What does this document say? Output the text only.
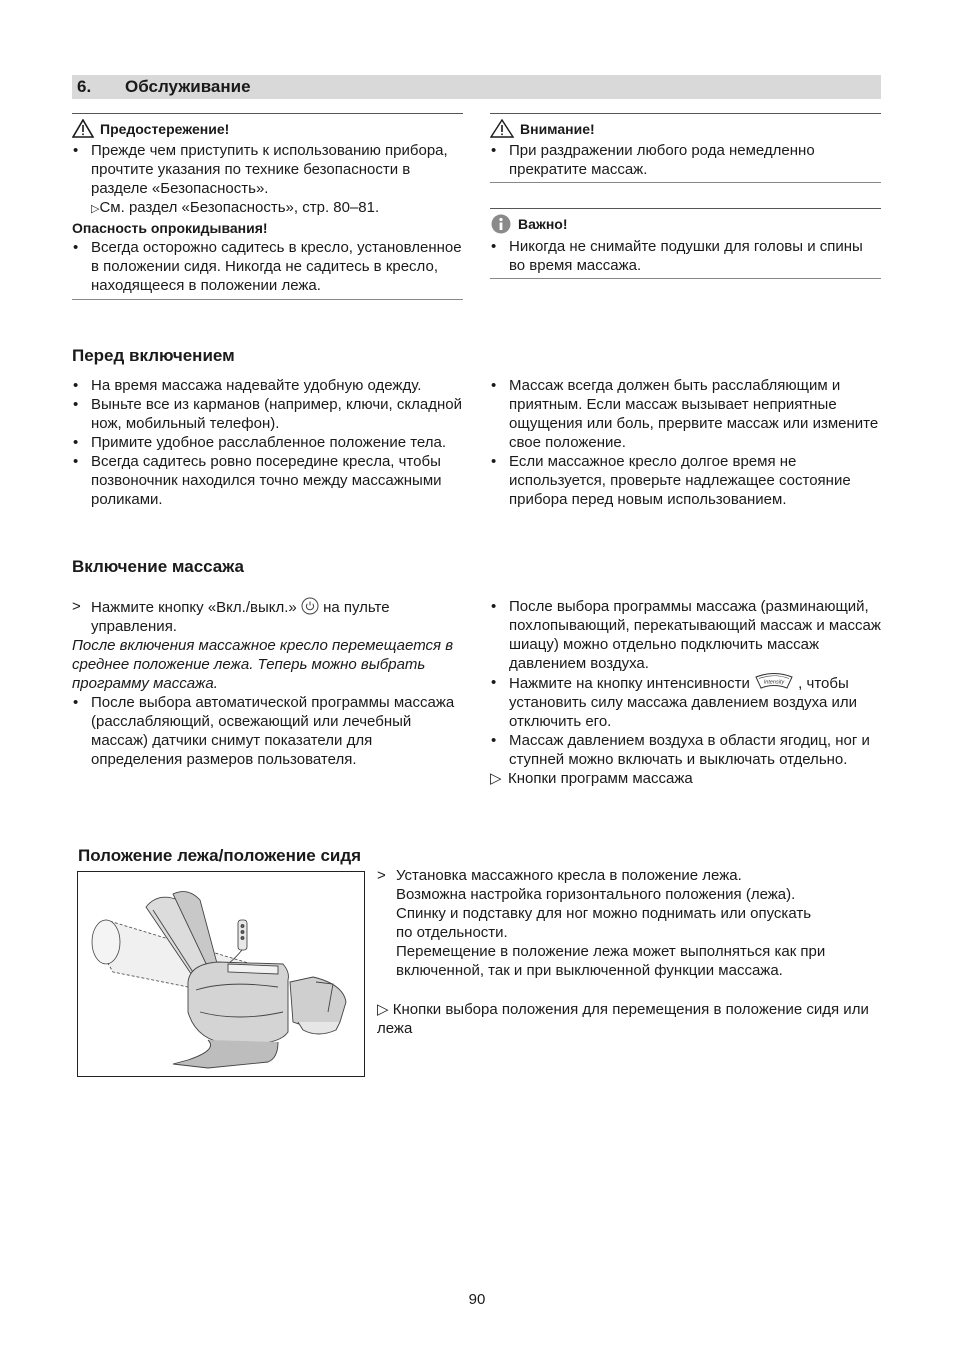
6. Обслуживание
Предостережение!
• Прежде чем приступить к использованию прибора, прочтите указания по технике безопасности в разделе «Безопасность».
▷См. раздел «Безопасность», стр. 80–81.
Опасность опрокидывания!
• Всегда осторожно садитесь в кресло, установленное в положении сидя. Никогда не садитесь в кресло, находящееся в положении лежа.
Внимание!
• При раздражении любого рода немедленно прекратите массаж.
Важно!
• Никогда не снимайте подушки для головы и спины во время массажа.
Перед включением
• На время массажа надевайте удобную одежду.
• Выньте все из карманов (например, ключи, складной нож, мобильный телефон).
• Примите удобное расслабленное положение тела.
• Всегда садитесь ровно посередине кресла, чтобы позвоночник находился точно между массажными роликами.
• Массаж всегда должен быть расслабляющим и приятным. Если массаж вызывает неприятные ощущения или боль, прервите массаж или измените свое положение.
• Если массажное кресло долгое время не используется, проверьте надлежащее состояние прибора перед новым использованием.
Включение массажа
> Нажмите кнопку «Вкл./выкл.» на пульте управления.
После включения массажное кресло перемещается в среднее положение лежа. Теперь можно выбрать программу массажа.
• После выбора автоматической программы массажа (расслабляющий, освежающий или лечебный массаж) датчики снимут показатели для определения размеров пользователя.
• После выбора программы массажа (разминающий, похлопывающий, перекатывающий массаж и массаж шиацу) можно отдельно подключить массаж давлением воздуха.
• Нажмите на кнопку интенсивности	Intensity , чтобы установить силу массажа давлением воздуха или отключить его.
• Массаж давлением воздуха в области ягодиц, ног и ступней можно включать и выключать отдельно.
▷ Кнопки программ массажа
Положение лежа/положение сидя
> Установка массажного кресла в положение лежа.
Возможна настройка горизонтального положения (лежа).
Спинку и подставку для ног можно поднимать или опускать
по отдельности.
Перемещение в положение лежа может выполняться как при
включенной, так и при выключенной функции массажа.
▷ Кнопки выбора положения для перемещения в положение сидя или лежа
90
